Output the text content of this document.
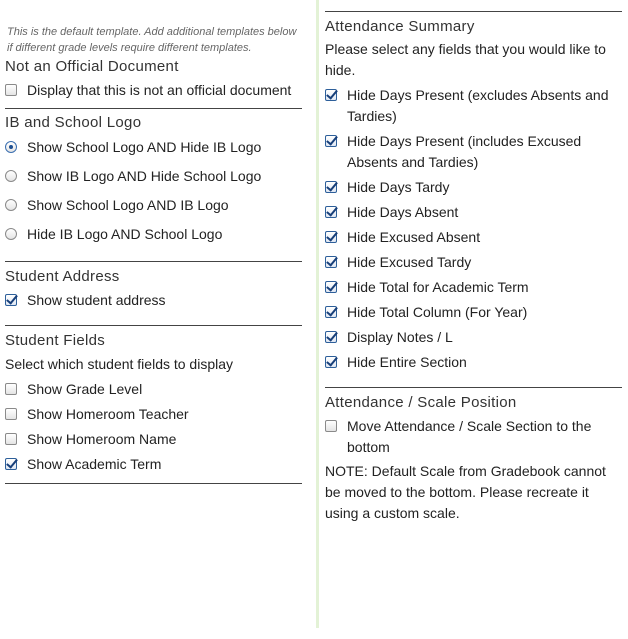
This is the default template. Add additional templates below if different grade levels require different templates.
Not an Official Document
Display that this is not an official document
IB and School Logo
Show School Logo AND Hide IB Logo
Show IB Logo AND Hide School Logo
Show School Logo AND IB Logo
Hide IB Logo AND School Logo
Student Address
Show student address
Student Fields
Select which student fields to display
Show Grade Level
Show Homeroom Teacher
Show Homeroom Name
Show Academic Term
Attendance Summary
Please select any fields that you would like to hide.
Hide Days Present (excludes Absents and Tardies)
Hide Days Present (includes Excused Absents and Tardies)
Hide Days Tardy
Hide Days Absent
Hide Excused Absent
Hide Excused Tardy
Hide Total for Academic Term
Hide Total Column (For Year)
Display Notes / L
Hide Entire Section
Attendance / Scale Position
Move Attendance / Scale Section to the bottom
NOTE: Default Scale from Gradebook cannot be moved to the bottom. Please recreate it using a custom scale.
